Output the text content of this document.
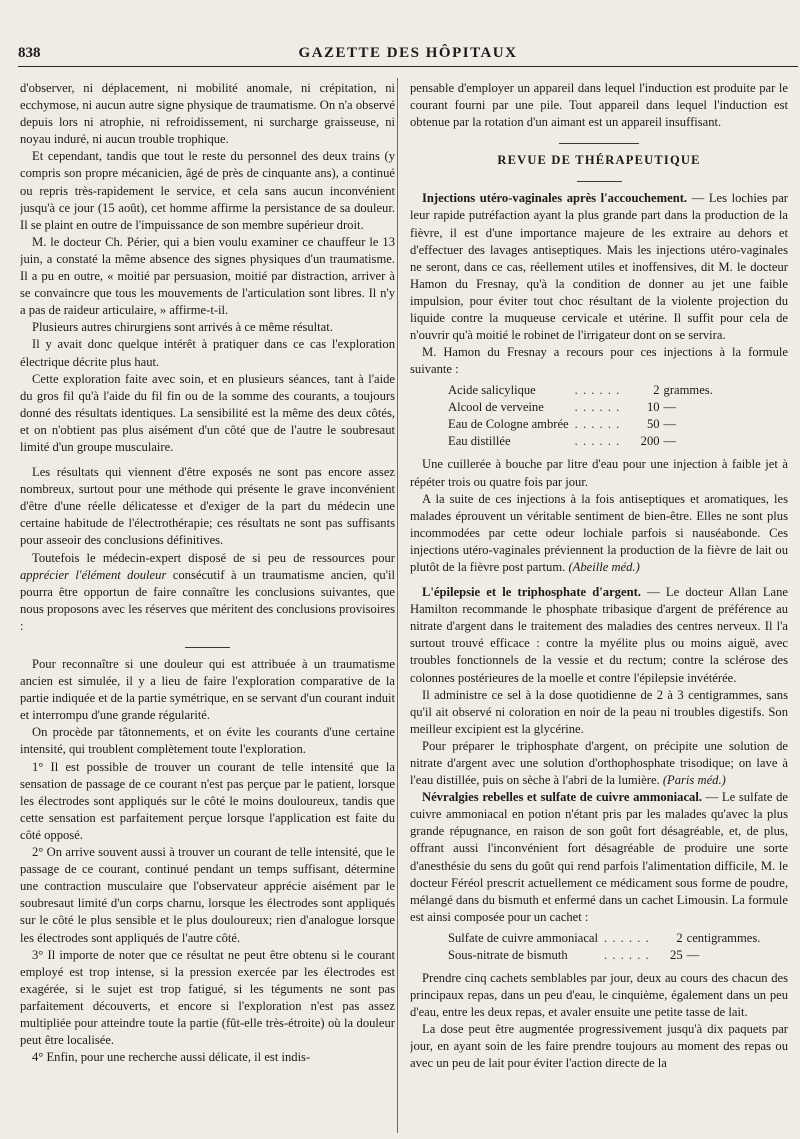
838	GAZETTE DES HÔPITAUX

d'observer, ni déplacement, ni mobilité anomale, ni crépitation, ni ecchymose, ni aucun autre signe physique de traumatisme. On n'a observé depuis lors ni atrophie, ni refroidissement, ni surcharge graisseuse, ni noyau induré, ni aucun trouble trophique.

Et cependant, tandis que tout le reste du personnel des deux trains (y compris son propre mécanicien, âgé de près de cinquante ans), a continué ou repris très-rapidement le service, et cela sans aucun inconvénient jusqu'à ce jour (15 août), cet homme affirme la persistance de sa douleur. Il se plaint en outre de l'impuissance de son membre supérieur droit.

M. le docteur Ch. Périer, qui a bien voulu examiner ce chauffeur le 13 juin, a constaté la même absence des signes physiques d'un traumatisme. Il a pu en outre, « moitié par persuasion, moitié par distraction, arriver à se convaincre que tous les mouvements de l'articulation sont libres. Il n'y a pas de raideur articulaire, » affirme-t-il.

Plusieurs autres chirurgiens sont arrivés à ce même résultat.

Il y avait donc quelque intérêt à pratiquer dans ce cas l'exploration électrique décrite plus haut.

Cette exploration faite avec soin, et en plusieurs séances, tant à l'aide du gros fil qu'à l'aide du fil fin ou de la somme des courants, a toujours donné des résultats identiques. La sensibilité est la même des deux côtés, et on n'obtient pas plus aisément d'un côté que de l'autre le soubresaut limité d'un groupe musculaire.

Les résultats qui viennent d'être exposés ne sont pas encore assez nombreux, surtout pour une méthode qui présente le grave inconvénient d'être d'une réelle délicatesse et d'exiger de la part du médecin une certaine habitude de l'électrothérapie; ces résultats ne sont pas suffisants pour asseoir des conclusions définitives.

Toutefois le médecin-expert disposé de si peu de ressources pour apprécier l'élément douleur consécutif à un traumatisme ancien, qu'il pourra être opportun de faire connaître les conclusions suivantes, que nous proposons avec les réserves que méritent des conclusions provisoires :

Pour reconnaître si une douleur qui est attribuée à un traumatisme ancien est simulée, il y a lieu de faire l'exploration comparative de la partie indiquée et de la partie symétrique, en se servant d'un courant induit et interrompu d'une grande régularité.

On procède par tâtonnements, et on évite les courants d'une certaine intensité, qui troublent complètement toute l'exploration.

1° Il est possible de trouver un courant de telle intensité que la sensation de passage de ce courant n'est pas perçue par le patient, lorsque les électrodes sont appliqués sur le côté le moins douloureux, tandis que cette sensation est parfaitement perçue lorsque l'application est faite du côté opposé.

2° On arrive souvent aussi à trouver un courant de telle intensité, que le passage de ce courant, continué pendant un temps suffisant, détermine une contraction musculaire que l'observateur apprécie aisément par le soubresaut limité d'un corps charnu, lorsque les électrodes sont appliqués sur le côté le plus sensible et le plus douloureux; rien d'analogue lorsque les électrodes sont appliqués de l'autre côté.

3° Il importe de noter que ce résultat ne peut être obtenu si le courant employé est trop intense, si la pression exercée par les électrodes est exagérée, si le sujet est trop fatigué, si les téguments ne sont pas parfaitement découverts, et encore si l'exploration n'est pas assez multipliée pour atteindre toute la partie (fût-elle très-étroite) où la douleur peut être localisée.

4° Enfin, pour une recherche aussi délicate, il est indis-

pensable d'employer un appareil dans lequel l'induction est produite par le courant fourni par une pile. Tout appareil dans lequel l'induction est obtenue par la rotation d'un aimant est un appareil insuffisant.

REVUE DE THÉRAPEUTIQUE

Injections utéro-vaginales après l'accouchement. — Les lochies par leur rapide putréfaction ayant la plus grande part dans la production de la fièvre, il est d'une importance majeure de les extraire au dehors et d'effectuer des lavages antiseptiques. Mais les injections utéro-vaginales ne seront, dans ce cas, réellement utiles et inoffensives, dit M. le docteur Hamon du Fresnay, qu'à la condition de donner au jet une faible impulsion, pour éviter tout choc résultant de la violente projection du liquide contre la muqueuse cervicale et utérine. Il suffit pour cela de n'ouvrir qu'à moitié le robinet de l'irrigateur dont on se servira.

M. Hamon du Fresnay a recours pour ces injections à la formule suivante :

Acide salicylique	. . . . . .	2	grammes.
Alcool de verveine	. . . . . .	10	—
Eau de Cologne ambrée	. . . . . .	50	—
Eau distillée	. . . . . .	200	—

Une cuillerée à bouche par litre d'eau pour une injection à faible jet à répéter trois ou quatre fois par jour.

A la suite de ces injections à la fois antiseptiques et aromatiques, les malades éprouvent un véritable sentiment de bien-être. Elles ne sont plus incommodées par cette odeur lochiale parfois si nauséabonde. Ces injections utéro-vaginales préviennent la production de la fièvre de lait ou plutôt de la fièvre post partum. (Abeille méd.)

L'épilepsie et le triphosphate d'argent. — Le docteur Allan Lane Hamilton recommande le phosphate tribasique d'argent de préférence au nitrate d'argent dans le traitement des maladies des centres nerveux. Il l'a surtout trouvé efficace : contre la myélite plus ou moins aiguë, avec troubles fonctionnels de la vessie et du rectum; contre la sclérose des colonnes postérieures de la moelle et contre l'épilepsie invétérée.

Il administre ce sel à la dose quotidienne de 2 à 3 centigrammes, sans qu'il ait observé ni coloration en noir de la peau ni troubles digestifs. Son meilleur excipient est la glycérine.

Pour préparer le triphosphate d'argent, on précipite une solution de nitrate d'argent avec une solution d'orthophosphate trisodique; on lave à l'eau distillée, puis on sèche à l'abri de la lumière. (Paris méd.)

Névralgies rebelles et sulfate de cuivre ammoniacal. — Le sulfate de cuivre ammoniacal en potion n'étant pris par les malades qu'avec la plus grande répugnance, en raison de son goût fort désagréable, et, de plus, offrant aussi l'inconvénient fort désagréable de produire une sorte d'anesthésie du sens du goût qui rend parfois l'alimentation difficile, M. le docteur Féréol prescrit actuellement ce médicament sous forme de poudre, mélangé dans du bismuth et enfermé dans un cachet Limousin. La formule est ainsi composée pour un cachet :

Sulfate de cuivre ammoniacal	. . . . . .	2	centigrammes.
Sous-nitrate de bismuth	. . . . . .	25	—

Prendre cinq cachets semblables par jour, deux au cours des chacun des principaux repas, dans un peu d'eau, le cinquième, également dans un peu d'eau, entre les deux repas, et avaler ensuite une petite tasse de lait.

La dose peut être augmentée progressivement jusqu'à dix paquets par jour, en ayant soin de les faire prendre toujours au moment des repas ou avec un peu de lait pour éviter l'action directe de la
